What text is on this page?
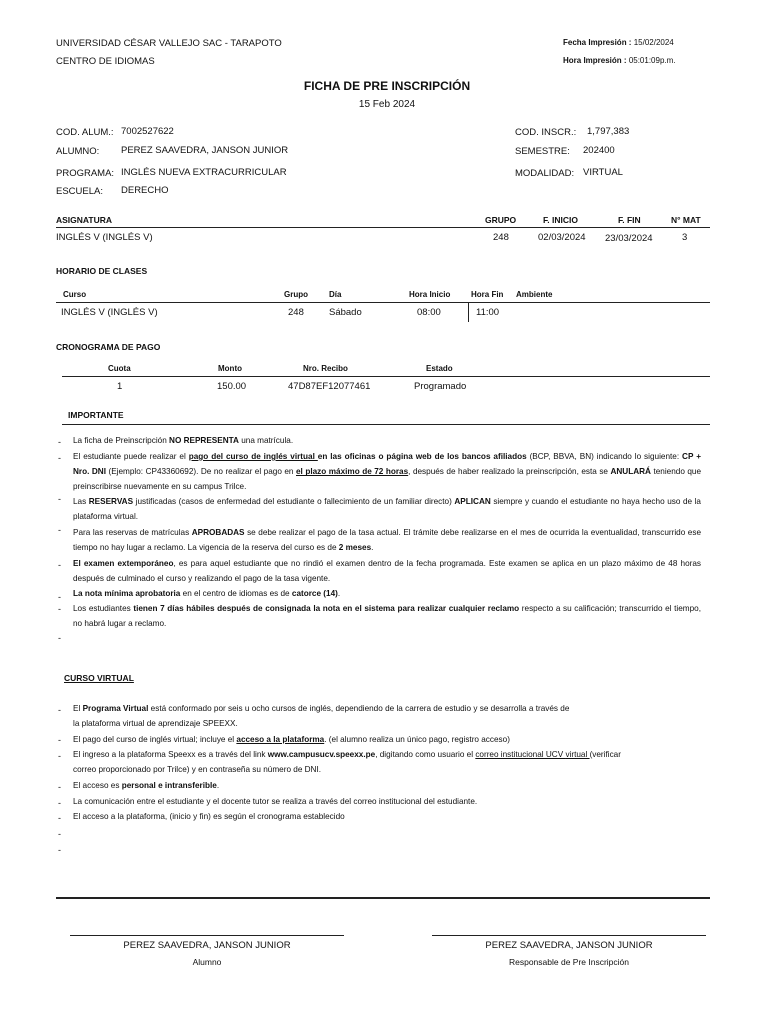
UNIVERSIDAD CÉSAR VALLEJO SAC - TARAPOTO
CENTRO DE IDIOMAS
Fecha Impresión : 15/02/2024
Hora Impresión : 05:01:09p.m.
FICHA DE PRE INSCRIPCIÓN
15 Feb 2024
COD. ALUM.: 7002527622
ALUMNO: PEREZ SAAVEDRA, JANSON JUNIOR
PROGRAMA: INGLÉS NUEVA EXTRACURRICULAR
ESCUELA: DERECHO
COD. INSCR.: 1,797,383
SEMESTRE: 202400
MODALIDAD: VIRTUAL
ASIGNATURA	GRUPO	F. INICIO	F. FIN	N° MAT
INGLÉS V (INGLÉS V)	248	02/03/2024 23/03/2024	3
HORARIO DE CLASES
Curso	Grupo	Día	Hora Inicio	Hora Fin Ambiente
INGLÉS V (INGLÉS V)	248	Sábado	08:00	11:00
CRONOGRAMA DE PAGO
Cuota	Monto	Nro. Recibo	Estado
1	150.00	47D87EF12077461	Programado
IMPORTANTE
- La ficha de Preinscripción NO REPRESENTA una matrícula.
- El estudiante puede realizar el pago del curso de inglés virtual en las oficinas o página web de los bancos afiliados (BCP, BBVA, BN) indicando lo siguiente: CP + Nro. DNI (Ejemplo: CP43360692). De no realizar el pago en el plazo máximo de 72 horas, después de haber realizado la preinscripción, esta se ANULARÁ teniendo que preinscribirse nuevamente en su campus Trilce.
- Las RESERVAS justificadas (casos de enfermedad del estudiante o fallecimiento de un familiar directo) APLICAN siempre y cuando el estudiante no haya hecho uso de la plataforma virtual.
- Para las reservas de matrículas APROBADAS se debe realizar el pago de la tasa actual. El trámite debe realizarse en el mes de ocurrida la eventualidad, transcurrido ese tiempo no hay lugar a reclamo. La vigencia de la reserva del curso es de 2 meses.
- El examen extemporáneo, es para aquel estudiante que no rindió el examen dentro de la fecha programada. Este examen se aplica en un plazo máximo de 48 horas después de culminado el curso y realizando el pago de la tasa vigente.
- La nota mínima aprobatoria en el centro de idiomas es de catorce (14).
- Los estudiantes tienen 7 días hábiles después de consignada la nota en el sistema para realizar cualquier reclamo respecto a su calificación; transcurrido el tiempo, no habrá lugar a reclamo.
-
CURSO VIRTUAL
- El Programa Virtual está conformado por seis u ocho cursos de inglés, dependiendo de la carrera de estudio y se desarrolla a través de
la plataforma virtual de aprendizaje SPEEXX.
- El pago del curso de inglés virtual; incluye el acceso a la plataforma. (el alumno realiza un único pago, registro acceso)
- El ingreso a la plataforma Speexx es a través del link www.campusucv.speexx.pe, digitando como usuario el correo institucional UCV virtual (verificar correo proporcionado por Trilce) y en contraseña su número de DNI.
- El acceso es personal e intransferible.
- La comunicación entre el estudiante y el docente tutor se realiza a través del correo institucional del estudiante.
- El acceso a la plataforma, (inicio y fin) es según el cronograma establecido
-
-
PEREZ SAAVEDRA, JANSON JUNIOR
Alumno
PEREZ SAAVEDRA, JANSON JUNIOR
Responsable de Pre Inscripción
